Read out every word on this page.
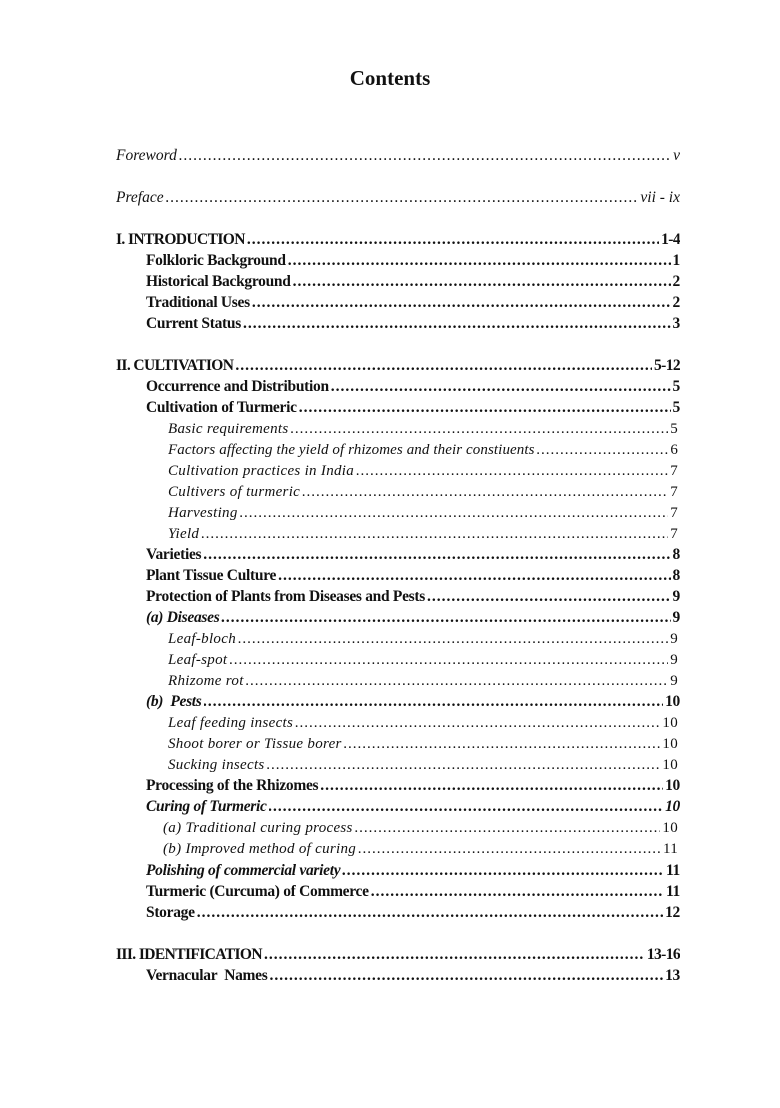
Contents
Foreword .....	v
Preface .....	vii - ix
I. INTRODUCTION .....	1-4
Folkloric Background .....	1
Historical Background .....	2
Traditional Uses .....	2
Current Status .....	3
II. CULTIVATION .....	5-12
Occurrence and Distribution .....	5
Cultivation of Turmeric .....	5
Basic requirements .....	5
Factors affecting the yield of rhizomes and their constiuents .....	6
Cultivation practices in India .....	7
Cultivers of turmeric .....	7
Harvesting .....	7
Yield .....	7
Varieties .....	8
Plant Tissue Culture .....	8
Protection of Plants from Diseases and Pests .....	9
(a) Diseases .....	9
Leaf-bloch .....	9
Leaf-spot .....	9
Rhizome rot .....	9
(b)  Pests .....	10
Leaf feeding insects .....	10
Shoot borer or Tissue borer .....	10
Sucking insects .....	10
Processing of the Rhizomes .....	10
Curing of Turmeric .....	10
(a) Traditional curing process .....	10
(b) Improved method of curing .....	11
Polishing of commercial variety .....	11
Turmeric (Curcuma) of Commerce .....	11
Storage .....	12
III. IDENTIFICATION .....	13-16
Vernacular  Names .....	13
